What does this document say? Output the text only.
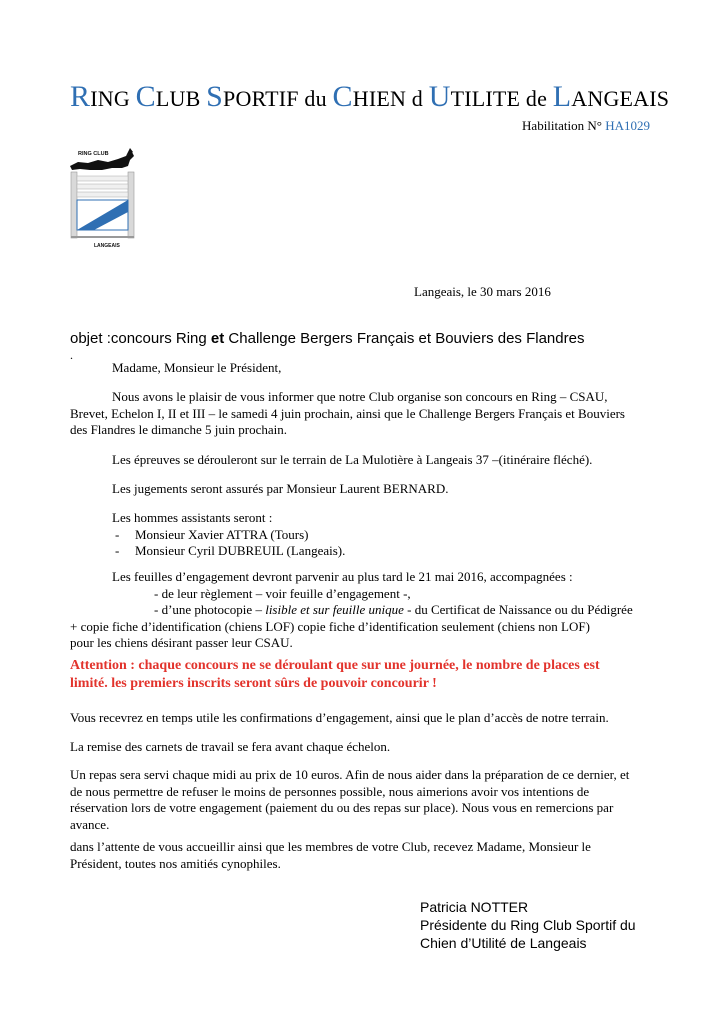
RING CLUB SPORTIF du CHIEN d UTILITE de LANGEAIS
Habilitation N° HA1029
RING CLUB
LANGEAIS
Langeais, le 30 mars 2016
objet :concours Ring et Challenge Bergers Français et Bouviers des Flandres
.
Madame, Monsieur le Président,
Nous avons le plaisir de vous informer que notre Club organise son concours en Ring – CSAU,
Brevet, Echelon I, II et III – le samedi 4 juin prochain, ainsi que le Challenge Bergers Français et Bouviers
des Flandres le dimanche 5 juin prochain.
Les épreuves se dérouleront sur le terrain de La Mulotière à Langeais 37 –(itinéraire fléché).
Les jugements seront assurés par Monsieur Laurent BERNARD.
Les hommes assistants seront :
- Monsieur Xavier ATTRA (Tours)
- Monsieur Cyril DUBREUIL (Langeais).
Les feuilles d’engagement devront parvenir au plus tard le 21 mai 2016, accompagnées :
- de leur règlement – voir feuille d’engagement -,
- d’une photocopie – lisible et sur feuille unique - du Certificat de Naissance ou du Pédigrée
+ copie fiche d’identification (chiens LOF) copie fiche d’identification seulement (chiens non LOF)
pour les chiens désirant passer leur CSAU.
Attention : chaque concours ne se déroulant que sur une journée, le nombre de places est
limité. les premiers inscrits seront sûrs de pouvoir concourir !
Vous recevrez en temps utile les confirmations d’engagement, ainsi que le plan d’accès de notre terrain.
La remise des carnets de travail se fera avant chaque échelon.
Un repas sera servi chaque midi au prix de 10 euros. Afin de nous aider dans la préparation de ce dernier, et
de nous permettre de refuser le moins de personnes possible, nous aimerions avoir vos intentions de
réservation lors de votre engagement (paiement du ou des repas sur place). Nous vous en remercions par
avance.
dans l’attente de vous accueillir ainsi que les membres de votre Club, recevez Madame, Monsieur le
Président, toutes nos amitiés cynophiles.
Patricia NOTTER
Présidente du Ring Club Sportif du
Chien d’Utilité de Langeais
